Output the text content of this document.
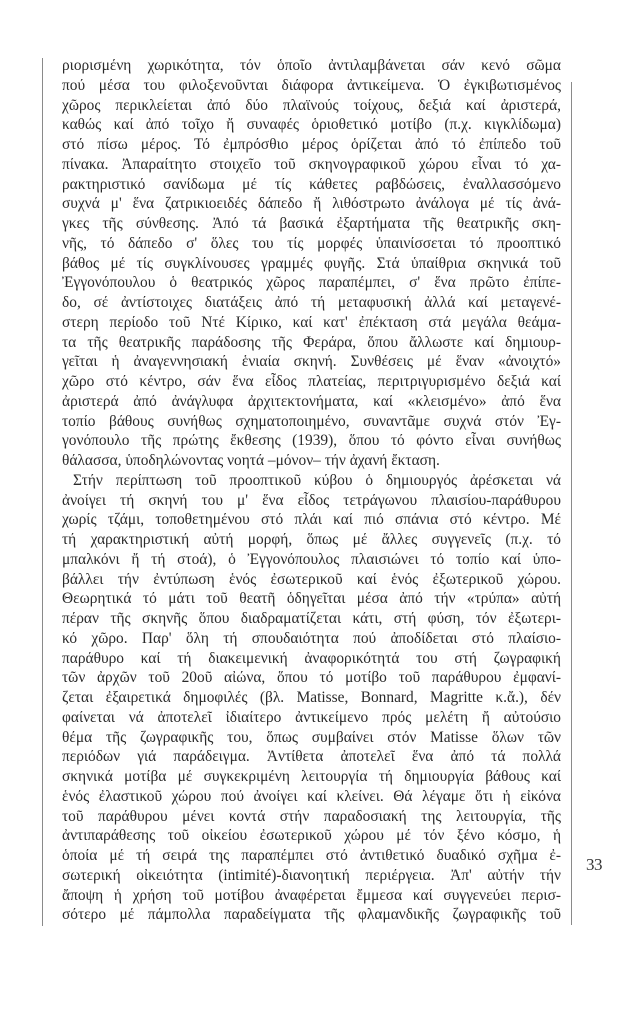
ριορισμένη χωρικότητα, τόν ὁποῖο ἀντιλαμβάνεται σάν κενό σῶμα
πού μέσα του φιλοξενοῦνται διάφορα ἀντικείμενα. Ὁ ἐγκιβωτισμένος
χῶρος περικλείεται ἀπό δύο πλαϊνούς τοίχους, δεξιά καί ἀριστερά,
καθώς καί ἀπό τοῖχο ἤ συναφές ὁριοθετικό μοτίβο (π.χ. κιγκλίδωμα)
στό πίσω μέρος. Τό ἐμπρόσθιο μέρος ὁρίζεται ἀπό τό ἐπίπεδο τοῦ
πίνακα. Ἀπαραίτητο στοιχεῖο τοῦ σκηνογραφικοῦ χώρου εἶναι τό χα-
ρακτηριστικό σανίδωμα μέ τίς κάθετες ραβδώσεις, ἐναλλασσόμενο
συχνά μ' ἕνα ζατρικιοειδές δάπεδο ἤ λιθόστρωτο ἀνάλογα μέ τίς ἀνά-
γκες τῆς σύνθεσης. Ἀπό τά βασικά ἐξαρτήματα τῆς θεατρικῆς σκη-
νῆς, τό δάπεδο σ' ὅλες του τίς μορφές ὑπαινίσσεται τό προοπτικό
βάθος μέ τίς συγκλίνουσες γραμμές φυγῆς. Στά ὑπαίθρια σκηνικά τοῦ
Ἐγγονόπουλου ὁ θεατρικός χῶρος παραπέμπει, σ' ἕνα πρῶτο ἐπίπε-
δο, σέ ἀντίστοιχες διατάξεις ἀπό τή μεταφυσική ἀλλά καί μεταγενέ-
στερη περίοδο τοῦ Ντέ Κίρικο, καί κατ' ἐπέκταση στά μεγάλα θεάμα-
τα τῆς θεατρικῆς παράδοσης τῆς Φεράρα, ὅπου ἄλλωστε καί δημιουρ-
γεῖται ἡ ἀναγεννησιακή ἑνιαία σκηνή. Συνθέσεις μέ ἕναν «ἀνοιχτό»
χῶρο στό κέντρο, σάν ἕνα εἶδος πλατείας, περιτριγυρισμένο δεξιά καί
ἀριστερά ἀπό ἀνάγλυφα ἀρχιτεκτονήματα, καί «κλεισμένο» ἀπό ἕνα
τοπίο βάθους συνήθως σχηματοποιημένο, συναντᾶμε συχνά στόν Ἐγ-
γονόπουλο τῆς πρώτης ἔκθεσης (1939), ὅπου τό φόντο εἶναι συνήθως
θάλασσα, ὑποδηλώνοντας νοητά –μόνον– τήν ἀχανή ἔκταση.
Στήν περίπτωση τοῦ προοπτικοῦ κύβου ὁ δημιουργός ἀρέσκεται νά
ἀνοίγει τή σκηνή του μ' ἕνα εἶδος τετράγωνου πλαισίου-παράθυρου
χωρίς τζάμι, τοποθετημένου στό πλάι καί πιό σπάνια στό κέντρο. Μέ
τή χαρακτηριστική αὐτή μορφή, ὅπως μέ ἄλλες συγγενεῖς (π.χ. τό
μπαλκόνι ἤ τή στοά), ὁ Ἐγγονόπουλος πλαισιώνει τό τοπίο καί ὑπο-
βάλλει τήν ἐντύπωση ἑνός ἐσωτερικοῦ καί ἑνός ἐξωτερικοῦ χώρου.
Θεωρητικά τό μάτι τοῦ θεατῆ ὁδηγεῖται μέσα ἀπό τήν «τρύπα» αὐτή
πέραν τῆς σκηνῆς ὅπου διαδραματίζεται κάτι, στή φύση, τόν ἐξωτερι-
κό χῶρο. Παρ' ὅλη τή σπουδαιότητα πού ἀποδίδεται στό πλαίσιο-
παράθυρο καί τή διακειμενική ἀναφορικότητά του στή ζωγραφική
τῶν ἀρχῶν τοῦ 20οῦ αἰώνα, ὅπου τό μοτίβο τοῦ παράθυρου ἐμφανί-
ζεται ἐξαιρετικά δημοφιλές (βλ. Matisse, Bonnard, Magritte κ.ἄ.), δέν
φαίνεται νά ἀποτελεῖ ἰδιαίτερο ἀντικείμενο πρός μελέτη ἤ αὐτούσιο
θέμα τῆς ζωγραφικῆς του, ὅπως συμβαίνει στόν Matisse ὅλων τῶν
περιόδων γιά παράδειγμα. Ἀντίθετα ἀποτελεῖ ἕνα ἀπό τά πολλά
σκηνικά μοτίβα μέ συγκεκριμένη λειτουργία τή δημιουργία βάθους καί
ἑνός ἐλαστικοῦ χώρου πού ἀνοίγει καί κλείνει. Θά λέγαμε ὅτι ἡ εἰκόνα
τοῦ παράθυρου μένει κοντά στήν παραδοσιακή της λειτουργία, τῆς
ἀντιπαράθεσης τοῦ οἰκείου ἐσωτερικοῦ χώρου μέ τόν ξένο κόσμο, ἡ
ὁποία μέ τή σειρά της παραπέμπει στό ἀντιθετικό δυαδικό σχῆμα ἐ-
σωτερική οἰκειότητα (intimité)-διανοητική περιέργεια. Ἀπ' αὐτήν τήν
ἄποψη ἡ χρήση τοῦ μοτίβου ἀναφέρεται ἔμμεσα καί συγγενεύει περισ-
σότερο μέ πάμπολλα παραδείγματα τῆς φλαμανδικῆς ζωγραφικῆς τοῦ
33
